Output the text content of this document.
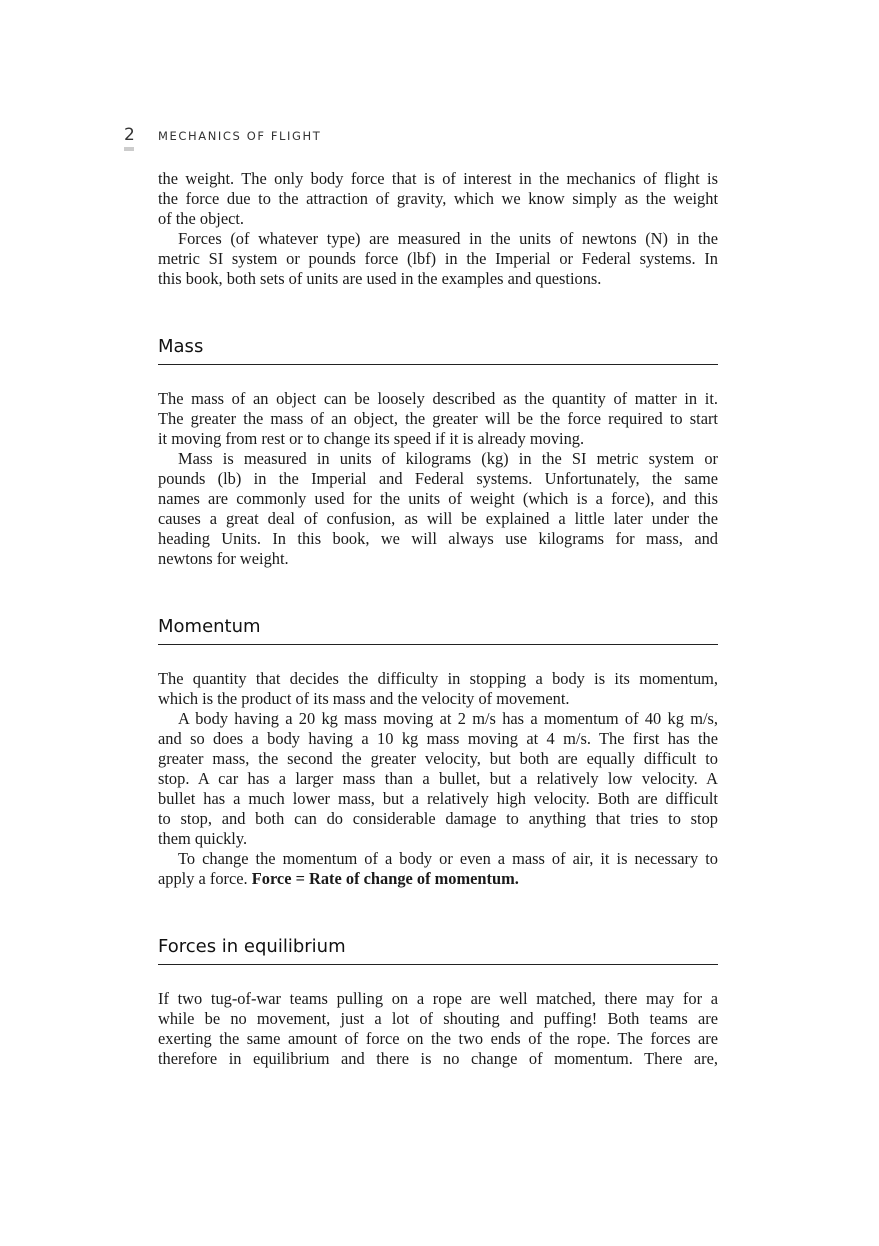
2 MECHANICS OF FLIGHT
the weight. The only body force that is of interest in the mechanics of flight is
the force due to the attraction of gravity, which we know simply as the weight
of the object.
Forces (of whatever type) are measured in the units of newtons (N) in the
metric SI system or pounds force (lbf) in the Imperial or Federal systems. In
this book, both sets of units are used in the examples and questions.
Mass
The mass of an object can be loosely described as the quantity of matter in it.
The greater the mass of an object, the greater will be the force required to start
it moving from rest or to change its speed if it is already moving.
Mass is measured in units of kilograms (kg) in the SI metric system or
pounds (lb) in the Imperial and Federal systems. Unfortunately, the same
names are commonly used for the units of weight (which is a force), and this
causes a great deal of confusion, as will be explained a little later under the
heading Units. In this book, we will always use kilograms for mass, and
newtons for weight.
Momentum
The quantity that decides the difficulty in stopping a body is its momentum,
which is the product of its mass and the velocity of movement.
A body having a 20 kg mass moving at 2 m/s has a momentum of 40 kg m/s,
and so does a body having a 10 kg mass moving at 4 m/s. The first has the
greater mass, the second the greater velocity, but both are equally difficult to
stop. A car has a larger mass than a bullet, but a relatively low velocity. A
bullet has a much lower mass, but a relatively high velocity. Both are difficult
to stop, and both can do considerable damage to anything that tries to stop
them quickly.
To change the momentum of a body or even a mass of air, it is necessary to
apply a force. Force = Rate of change of momentum.
Forces in equilibrium
If two tug-of-war teams pulling on a rope are well matched, there may for a
while be no movement, just a lot of shouting and puffing! Both teams are
exerting the same amount of force on the two ends of the rope. The forces are
therefore in equilibrium and there is no change of momentum. There are,
